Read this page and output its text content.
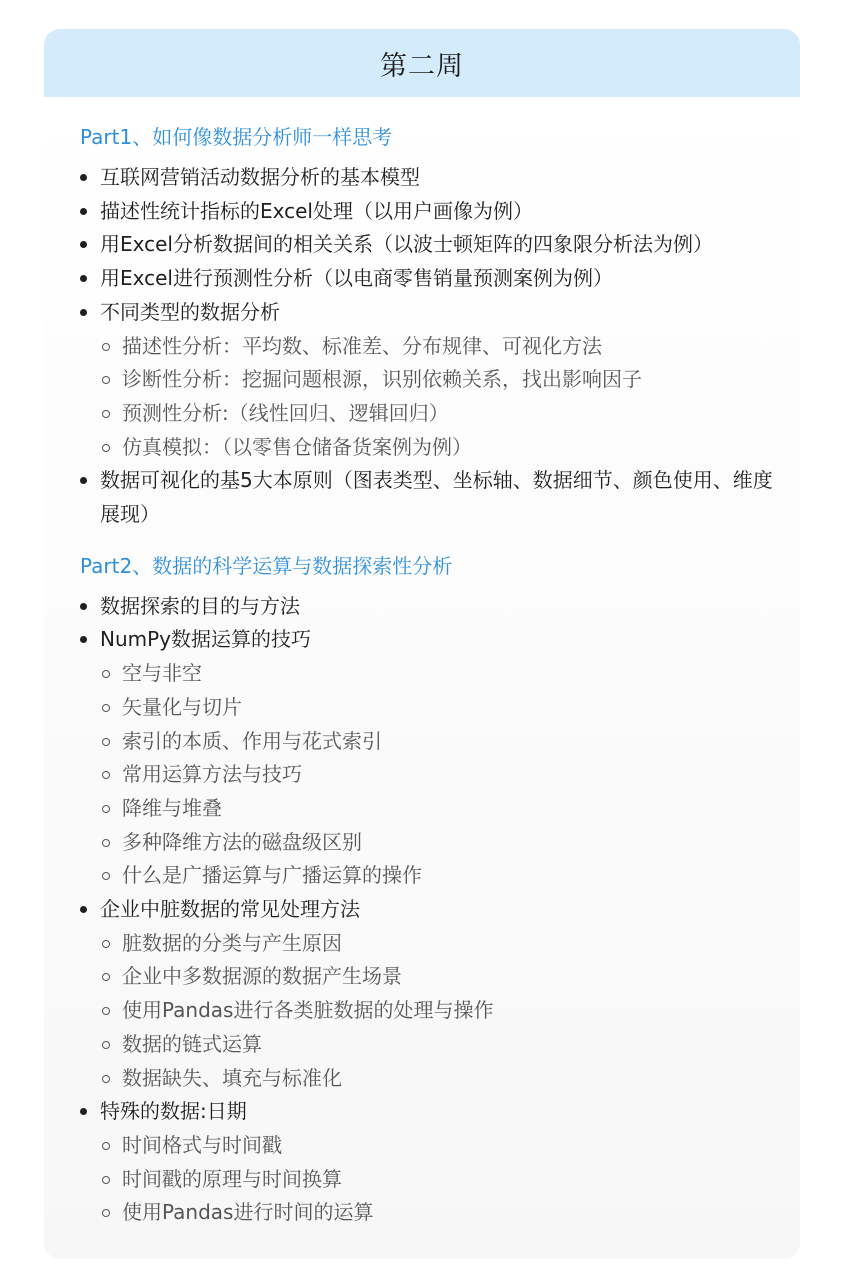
第二周
Part1、如何像数据分析师一样思考
互联网营销活动数据分析的基本模型
描述性统计指标的Excel处理（以用户画像为例）
用Excel分析数据间的相关关系（以波士顿矩阵的四象限分析法为例）
用Excel进行预测性分析（以电商零售销量预测案例为例）
不同类型的数据分析
描述性分析：平均数、标准差、分布规律、可视化方法
诊断性分析：挖掘问题根源，识别依赖关系，找出影响因子
预测性分析:（线性回归、逻辑回归）
仿真模拟：（以零售仓储备货案例为例）
数据可视化的基5大本原则（图表类型、坐标轴、数据细节、颜色使用、维度展现）
Part2、数据的科学运算与数据探索性分析
数据探索的目的与方法
NumPy数据运算的技巧
空与非空
矢量化与切片
索引的本质、作用与花式索引
常用运算方法与技巧
降维与堆叠
多种降维方法的磁盘级区别
什么是广播运算与广播运算的操作
企业中脏数据的常见处理方法
脏数据的分类与产生原因
企业中多数据源的数据产生场景
使用Pandas进行各类脏数据的处理与操作
数据的链式运算
数据缺失、填充与标准化
特殊的数据:日期
时间格式与时间戳
时间戳的原理与时间换算
使用Pandas进行时间的运算
